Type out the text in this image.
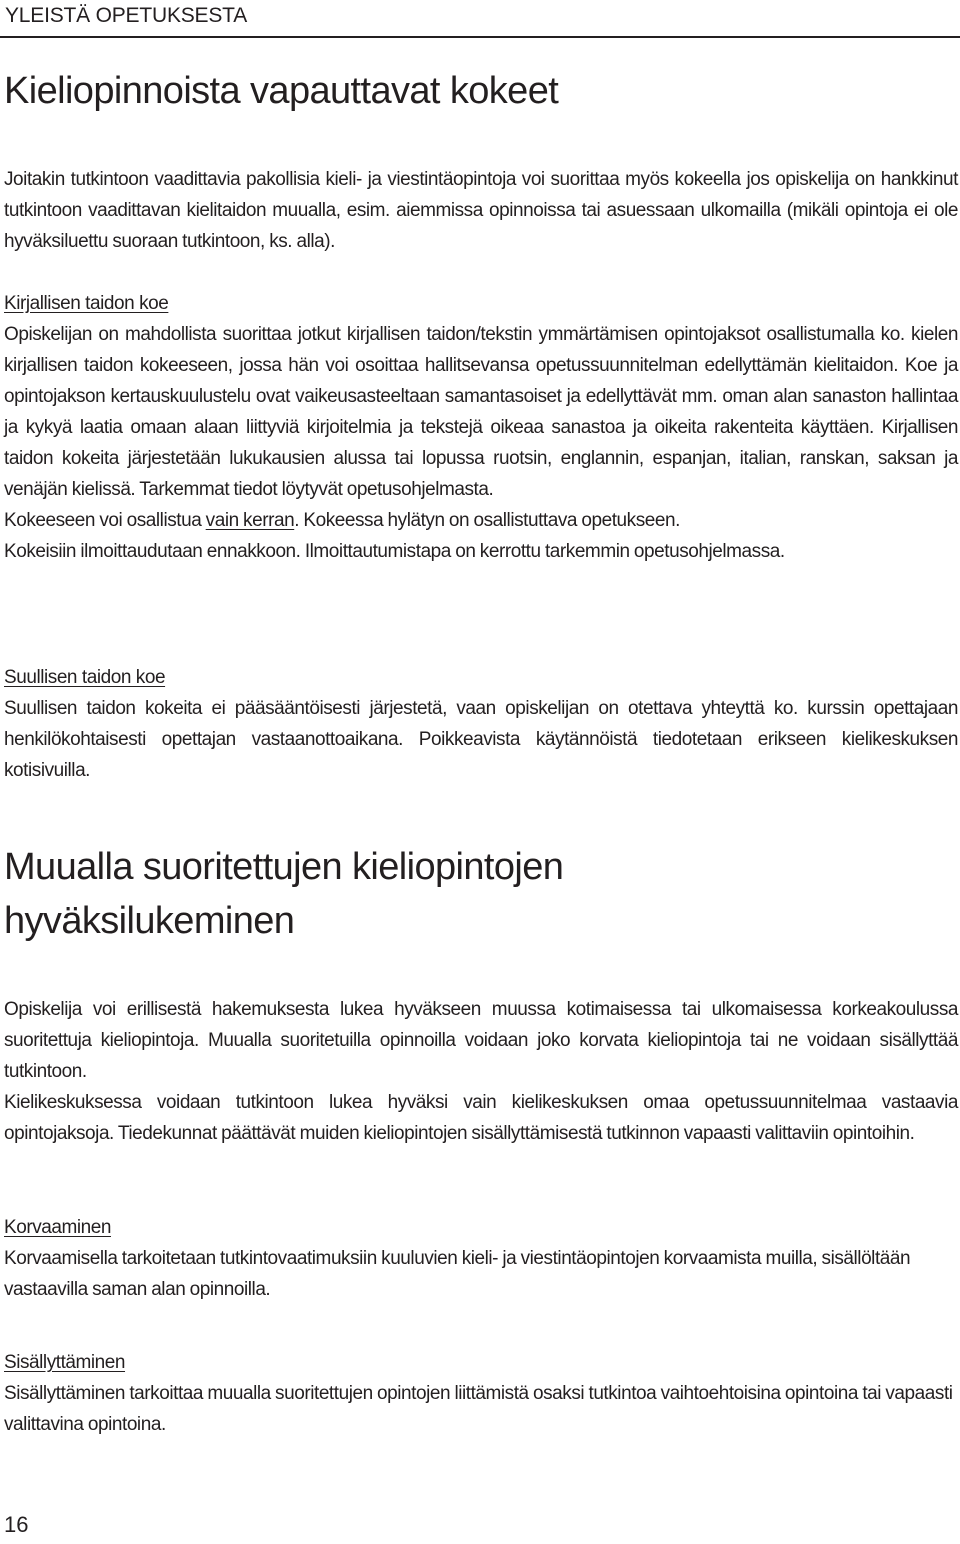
YLEISTÄ OPETUKSESTA
Kieliopinnoista vapauttavat kokeet

Joitakin tutkintoon vaadittavia pakollisia kieli- ja viestintäopintoja voi suorittaa myös kokeella jos opiskelija on hankkinut tutkintoon vaadittavan kielitaidon muualla, esim. aiemmissa opinnoissa tai asuessaan ulkomailla (mikäli opintoja ei ole hyväksiluettu suoraan tutkintoon, ks. alla).

Kirjallisen taidon koe

Opiskelijan on mahdollista suorittaa jotkut kirjallisen taidon/tekstin ymmärtämisen opintojaksot osallistumalla ko. kielen kirjallisen taidon kokeeseen, jossa hän voi osoittaa hallitsevansa opetussuunnitelman edellyttämän kielitaidon. Koe ja opintojakson kertauskuulustelu ovat vaikeusasteeltaan samantasoiset ja edellyttävät mm. oman alan sanaston hallintaa ja kykyä laatia omaan alaan liittyviä kirjoitelmia ja tekstejä oikeaa sanastoa ja oikeita rakenteita käyttäen. Kirjallisen taidon kokeita järjestetään lukukausien alussa tai lopussa ruotsin, englannin, espanjan, italian, ranskan, saksan ja venäjän kielissä. Tarkemmat tiedot löytyvät opetusohjelmasta.

Kokeeseen voi osallistua vain kerran. Kokeessa hylätyn on osallistuttava opetukseen.

Kokeisiin ilmoittaudutaan ennakkoon. Ilmoittautumistapa on kerrottu tarkemmin opetusohjelmassa.

Suullisen taidon koe

Suullisen taidon kokeita ei pääsääntöisesti järjestetä, vaan opiskelijan on otettava yhteyttä ko. kurssin opettajaan henkilökohtaisesti opettajan vastaanottoaikana. Poikkeavista käytännöistä tiedotetaan erikseen kielikeskuksen kotisivuilla.

Muualla suoritettujen kieliopintojen
hyväksilukeminen

Opiskelija voi erillisestä hakemuksesta lukea hyväkseen muussa kotimaisessa tai ulkomaisessa korkeakoulussa suoritettuja kieliopintoja. Muualla suoritetuilla opinnoilla voidaan joko korvata kieliopintoja tai ne voidaan sisällyttää tutkintoon.

Kielikeskuksessa voidaan tutkintoon lukea hyväksi vain kielikeskuksen omaa opetussuunnitelmaa vastaavia opintojaksoja. Tiedekunnat päättävät muiden kieliopintojen sisällyttämisestä tutkinnon vapaasti valittaviin opintoihin.

Korvaaminen

Korvaamisella tarkoitetaan tutkintovaatimuksiin kuuluvien kieli- ja viestintäopintojen korvaamista muilla, sisällöltään vastaavilla saman alan opinnoilla.

Sisällyttäminen

Sisällyttäminen tarkoittaa muualla suoritettujen opintojen liittämistä osaksi tutkintoa vaihtoehtoisina opintoina tai vapaasti valittavina opintoina.

16
